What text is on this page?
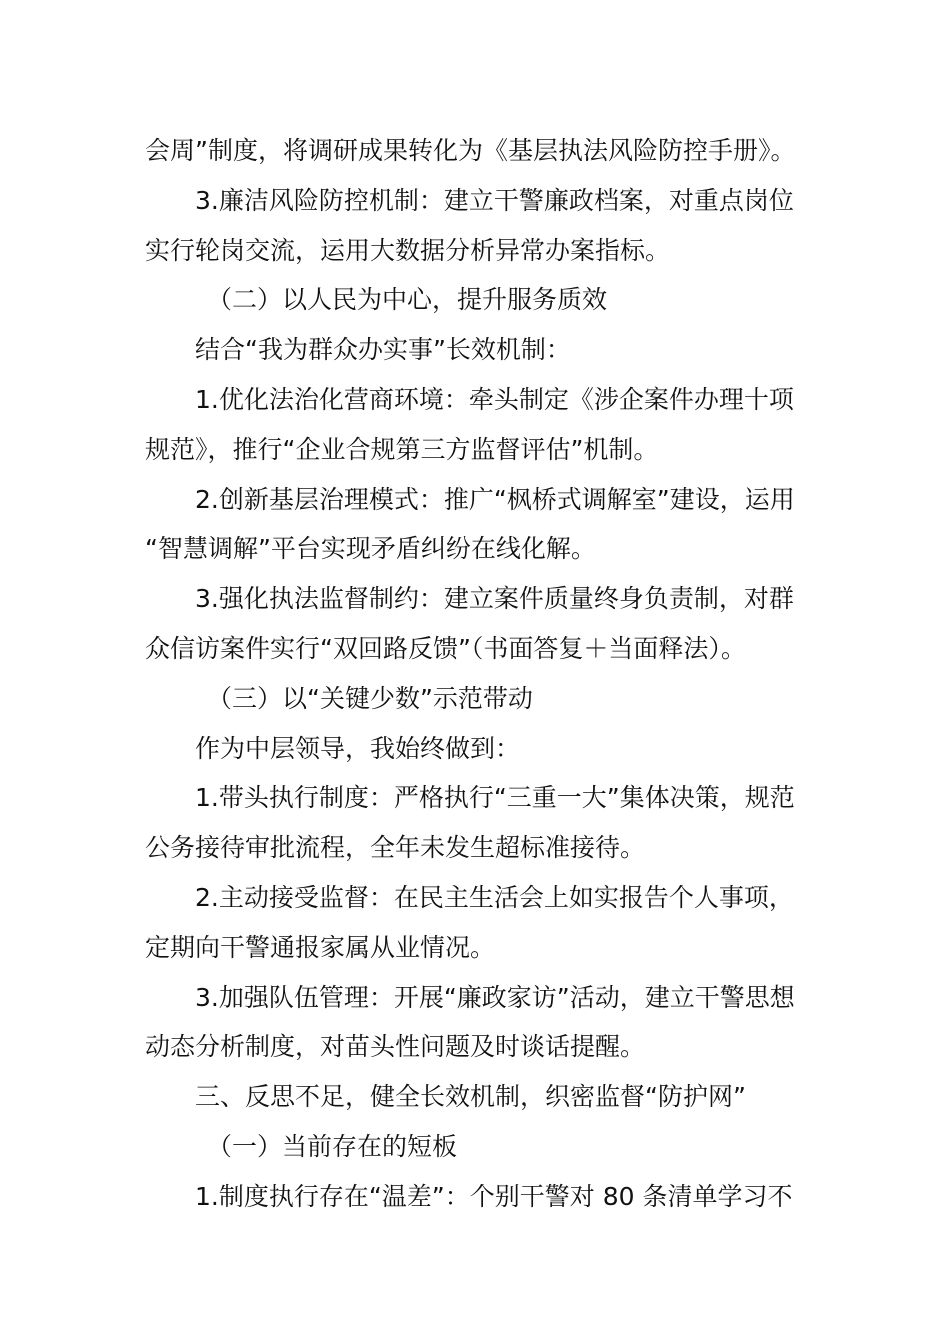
会周”制度，将调研成果转化为《基层执法风险防控手册》。
3.廉洁风险防控机制：建立干警廉政档案，对重点岗位
实行轮岗交流，运用大数据分析异常办案指标。
（二）以人民为中心，提升服务质效
结合“我为群众办实事”长效机制：
1.优化法治化营商环境：牵头制定《涉企案件办理十项
规范》，推行“企业合规第三方监督评估”机制。
2.创新基层治理模式：推广“枫桥式调解室”建设，运用
“智慧调解”平台实现矛盾纠纷在线化解。
3.强化执法监督制约：建立案件质量终身负责制，对群
众信访案件实行“双回路反馈”（书面答复＋当面释法）。
（三）以“关键少数”示范带动
作为中层领导，我始终做到：
1.带头执行制度：严格执行“三重一大”集体决策，规范
公务接待审批流程，全年未发生超标准接待。
2.主动接受监督：在民主生活会上如实报告个人事项，
定期向干警通报家属从业情况。
3.加强队伍管理：开展“廉政家访”活动，建立干警思想
动态分析制度，对苗头性问题及时谈话提醒。
三、反思不足，健全长效机制，织密监督“防护网”
（一）当前存在的短板
1.制度执行存在“温差”：个别干警对 80 条清单学习不
